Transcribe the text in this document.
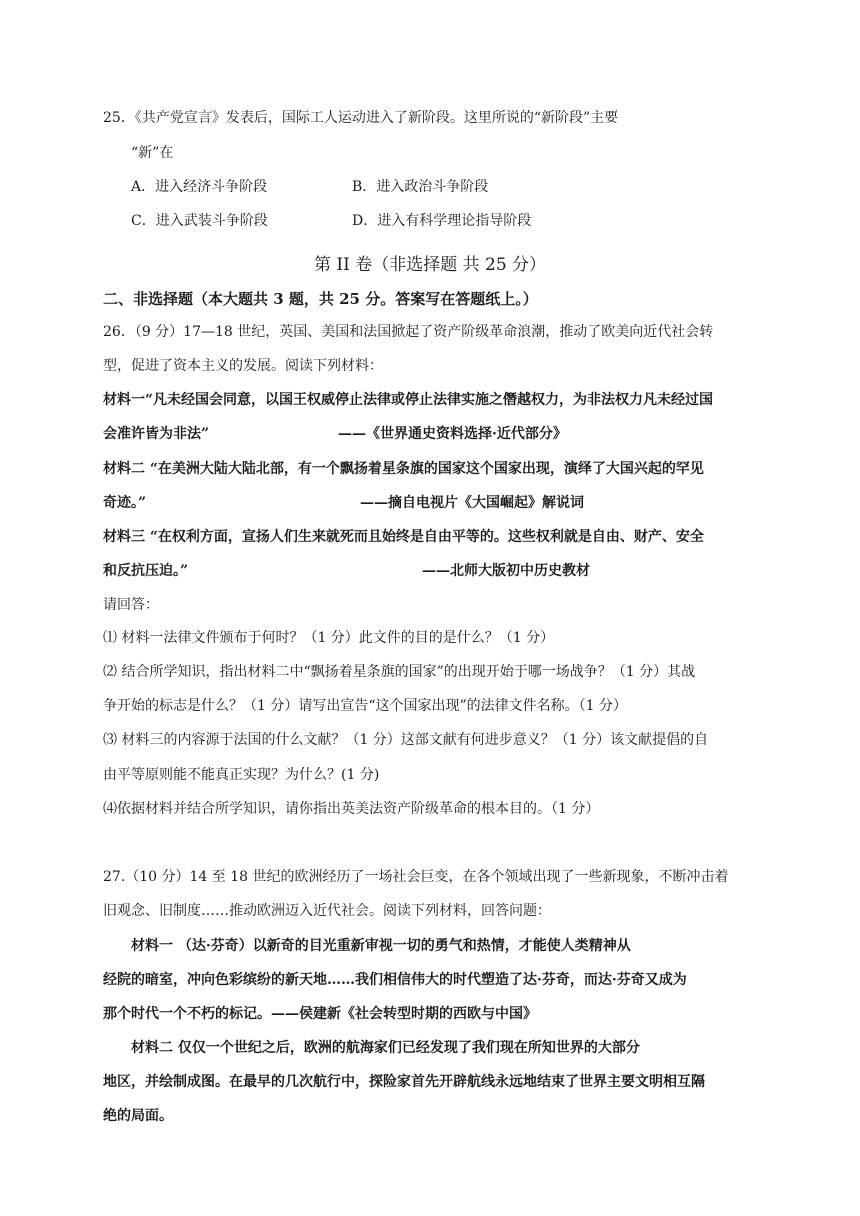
25．《共产党宣言》发表后，国际工人运动进入了新阶段。这里所说的“新阶段”主要
“新”在
A．进入经济斗争阶段	B．进入政治斗争阶段
C．进入武装斗争阶段	D．进入有科学理论指导阶段
第 II 卷（非选择题 共 25 分）
二、非选择题（本大题共 3 题，共 25 分。答案写在答题纸上。）
26．（9 分）17—18 世纪，英国、美国和法国掀起了资产阶级革命浪潮，推动了欧美向近代社会转
型，促进了资本主义的发展。阅读下列材料：
材料一“凡未经国会同意，以国王权威停止法律或停止法律实施之僭越权力，为非法权力凡未经过国
会准许皆为非法”	——《世界通史资料选择·近代部分》
材料二 “在美洲大陆大陆北部，有一个飘扬着星条旗的国家这个国家出现，演绎了大国兴起的罕见
奇迹。”	——摘自电视片《大国崛起》解说词
材料三 “在权利方面，宣扬人们生来就死而且始终是自由平等的。这些权利就是自由、财产、安全
和反抗压迫。”	——北师大版初中历史教材
请回答：
⑴ 材料一法律文件颁布于何时？（1 分）此文件的目的是什么？（1 分）
⑵ 结合所学知识，指出材料二中“飘扬着星条旗的国家”的出现开始于哪一场战争？（1 分）其战
争开始的标志是什么？（1 分）请写出宣告“这个国家出现”的法律文件名称。（1 分）
⑶ 材料三的内容源于法国的什么文献？（1 分）这部文献有何进步意义？（1 分）该文献提倡的自
由平等原则能不能真正实现？为什么？(1 分)
⑷依据材料并结合所学知识，请你指出英美法资产阶级革命的根本目的。（1 分）
27.（10 分）14 至 18 世纪的欧洲经历了一场社会巨变，在各个领域出现了一些新现象，不断冲击着
旧观念、旧制度……推动欧洲迈入近代社会。阅读下列材料，回答问题：
材料一 （达·芬奇）以新奇的目光重新审视一切的勇气和热情，才能使人类精神从
经院的暗室，冲向色彩缤纷的新天地……我们相信伟大的时代塑造了达·芬奇，而达·芬奇又成为
那个时代一个不朽的标记。——侯建新《社会转型时期的西欧与中国》
材料二 仅仅一个世纪之后，欧洲的航海家们已经发现了我们现在所知世界的大部分
地区，并绘制成图。在最早的几次航行中，探险家首先开辟航线永远地结束了世界主要文明相互隔
绝的局面。
